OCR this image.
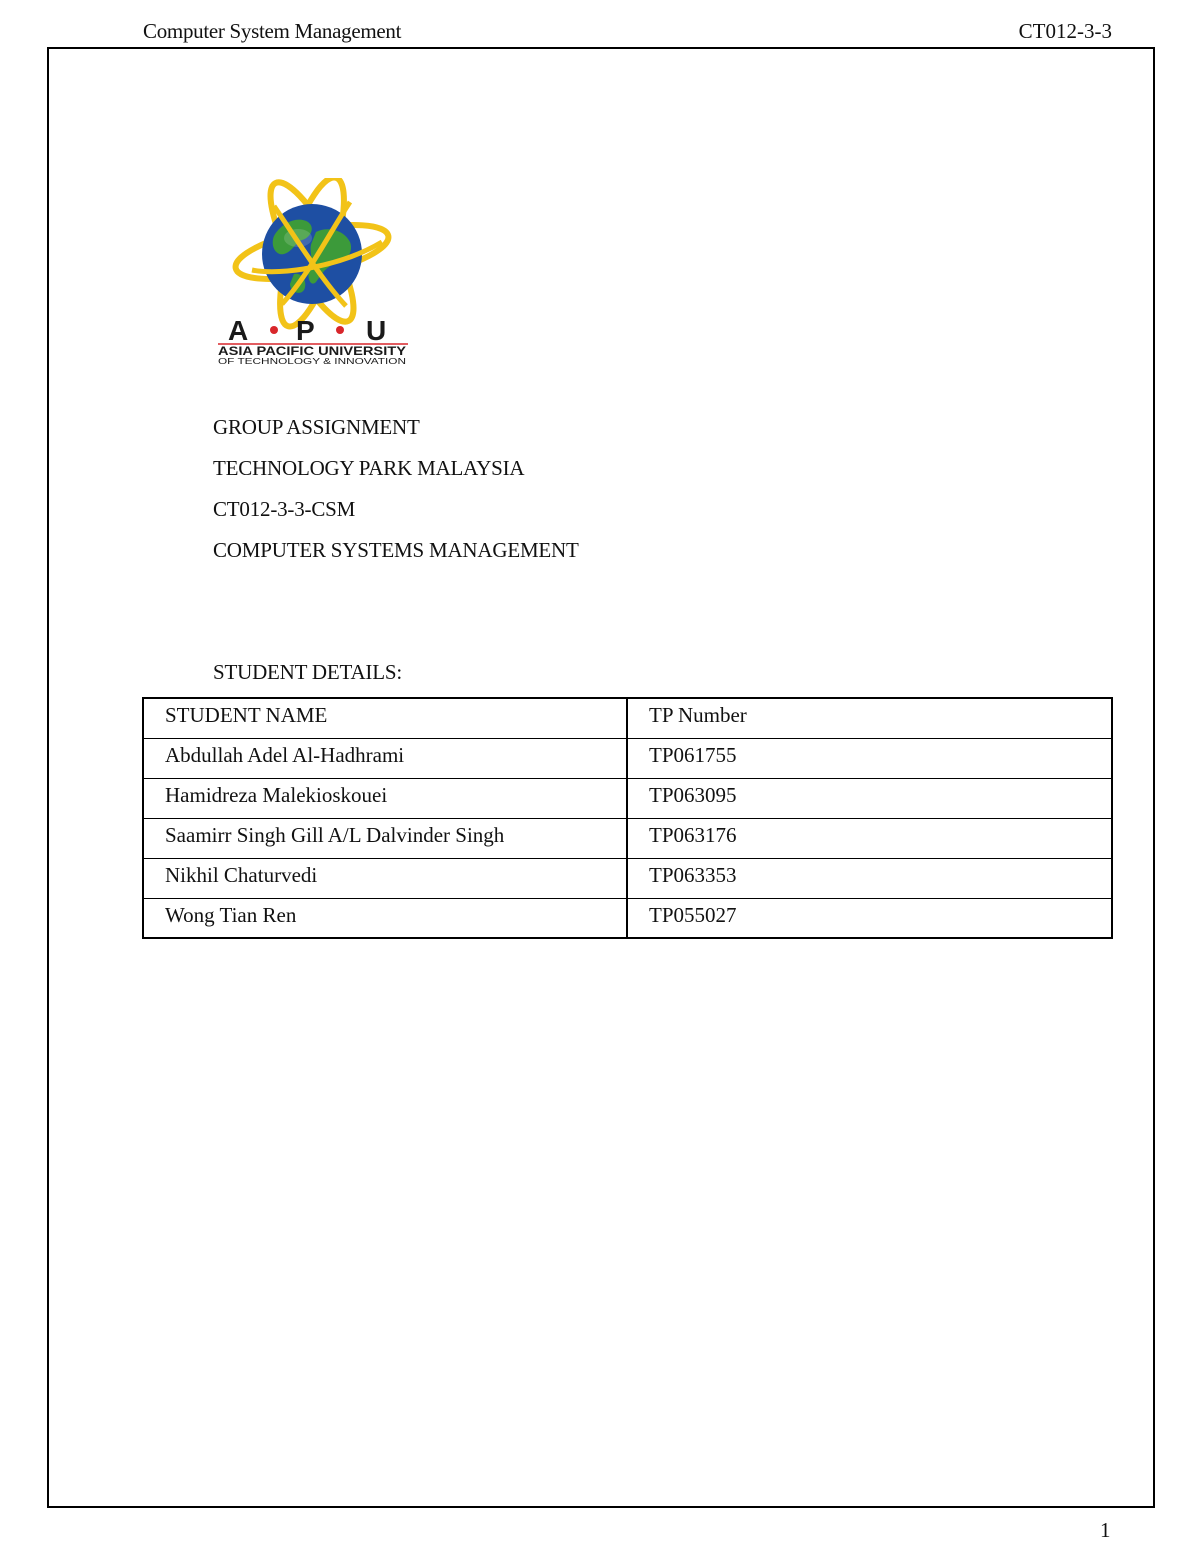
Computer System Management	CT012-3-3
A P U
ASIA PACIFIC UNIVERSITY
OF TECHNOLOGY & INNOVATION
GROUP ASSIGNMENT
TECHNOLOGY PARK MALAYSIA
CT012-3-3-CSM
COMPUTER SYSTEMS MANAGEMENT
STUDENT DETAILS:
STUDENT NAME	TP Number
Abdullah Adel Al-Hadhrami	TP061755
Hamidreza Malekioskouei	TP063095
Saamirr Singh Gill A/L Dalvinder Singh	TP063176
Nikhil Chaturvedi	TP063353
Wong Tian Ren	TP055027
1
